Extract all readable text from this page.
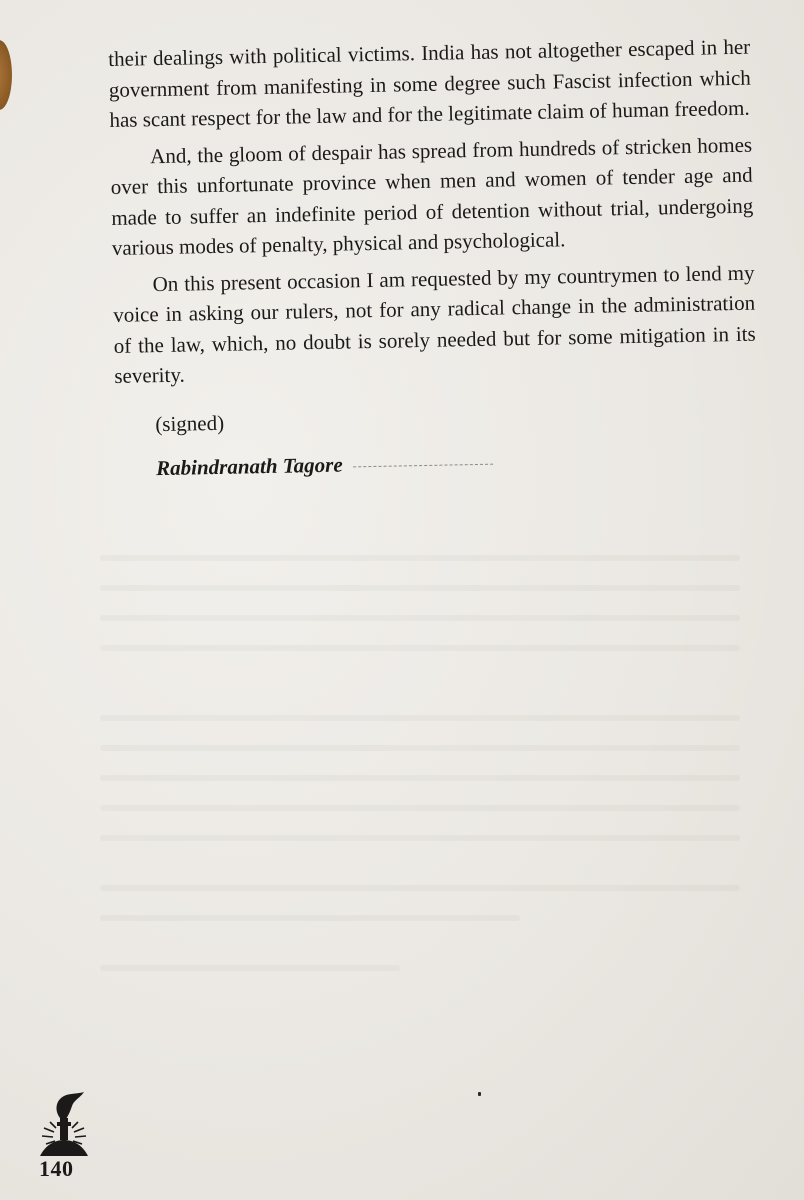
their dealings with political victims. India has not altogether escaped in her government from manifesting in some degree such Fascist infection which has scant respect for the law and for the legitimate claim of human freedom.

And, the gloom of despair has spread from hundreds of stricken homes over this unfortunate province when men and women of tender age and made to suffer an indefinite period of detention without trial, undergoing various modes of penalty, physical and psychological.

On this present occasion I am requested by my countrymen to lend my voice in asking our rulers, not for any radical change in the administration of the law, which, no doubt is sorely needed but for some mitigation in its severity.

(signed)
Rabindranath Tagore
140
